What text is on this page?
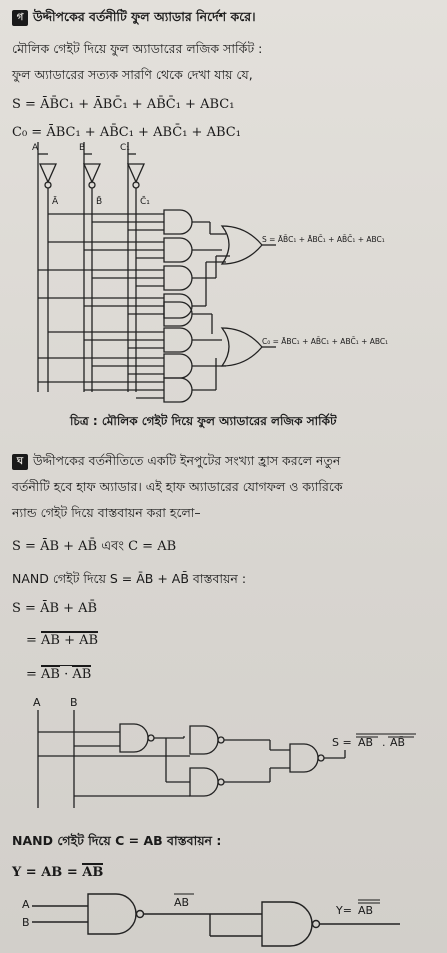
গ উদ্দীপকের বর্তনীটি ফুল অ্যাডার নির্দেশ করে।
মৌলিক গেইট দিয়ে ফুল অ্যাডারের লজিক সার্কিট :
ফুল অ্যাডারের সত্যক সারণি থেকে দেখা যায় যে,
S = ĀB̄C₁ + ĀBC̄₁ + AB̄C̄₁ + ABC₁
C₀ = ĀBC₁ + AB̄C₁ + ABC̄₁ + ABC₁
A	B	C₁
Ā	B̄	C̄₁
S = ĀB̄C₁ + ĀBC̄₁ + AB̄C̄₁ + ABC₁
C₀ = ĀBC₁ + AB̄C₁ + ABC̄₁ + ABC₁
চিত্র : মৌলিক গেইট দিয়ে ফুল অ্যাডারের লজিক সার্কিট
ঘ উদ্দীপকের বর্তনীতিতে একটি ইনপুটের সংখ্যা হ্রাস করলে নতুন
বর্তনীটি হবে হাফ অ্যাডার। এই হাফ অ্যাডারের যোগফল ও ক্যারিকে
ন্যান্ড গেইট দিয়ে বাস্তবায়ন করা হলো–
S = ĀB + AB̄ এবং C = AB
NAND গেইট দিয়ে S = ĀB + AB̄ বাস্তবায়ন :
S = ĀB + AB̄
= ĀB + AB̄
= ĀB · AB̄
A	B
S = ĀB . AB̄
NAND গেইট দিয়ে C = AB বাস্তবায়ন :
Y = AB = AB
A
B
AB
Y= AB
